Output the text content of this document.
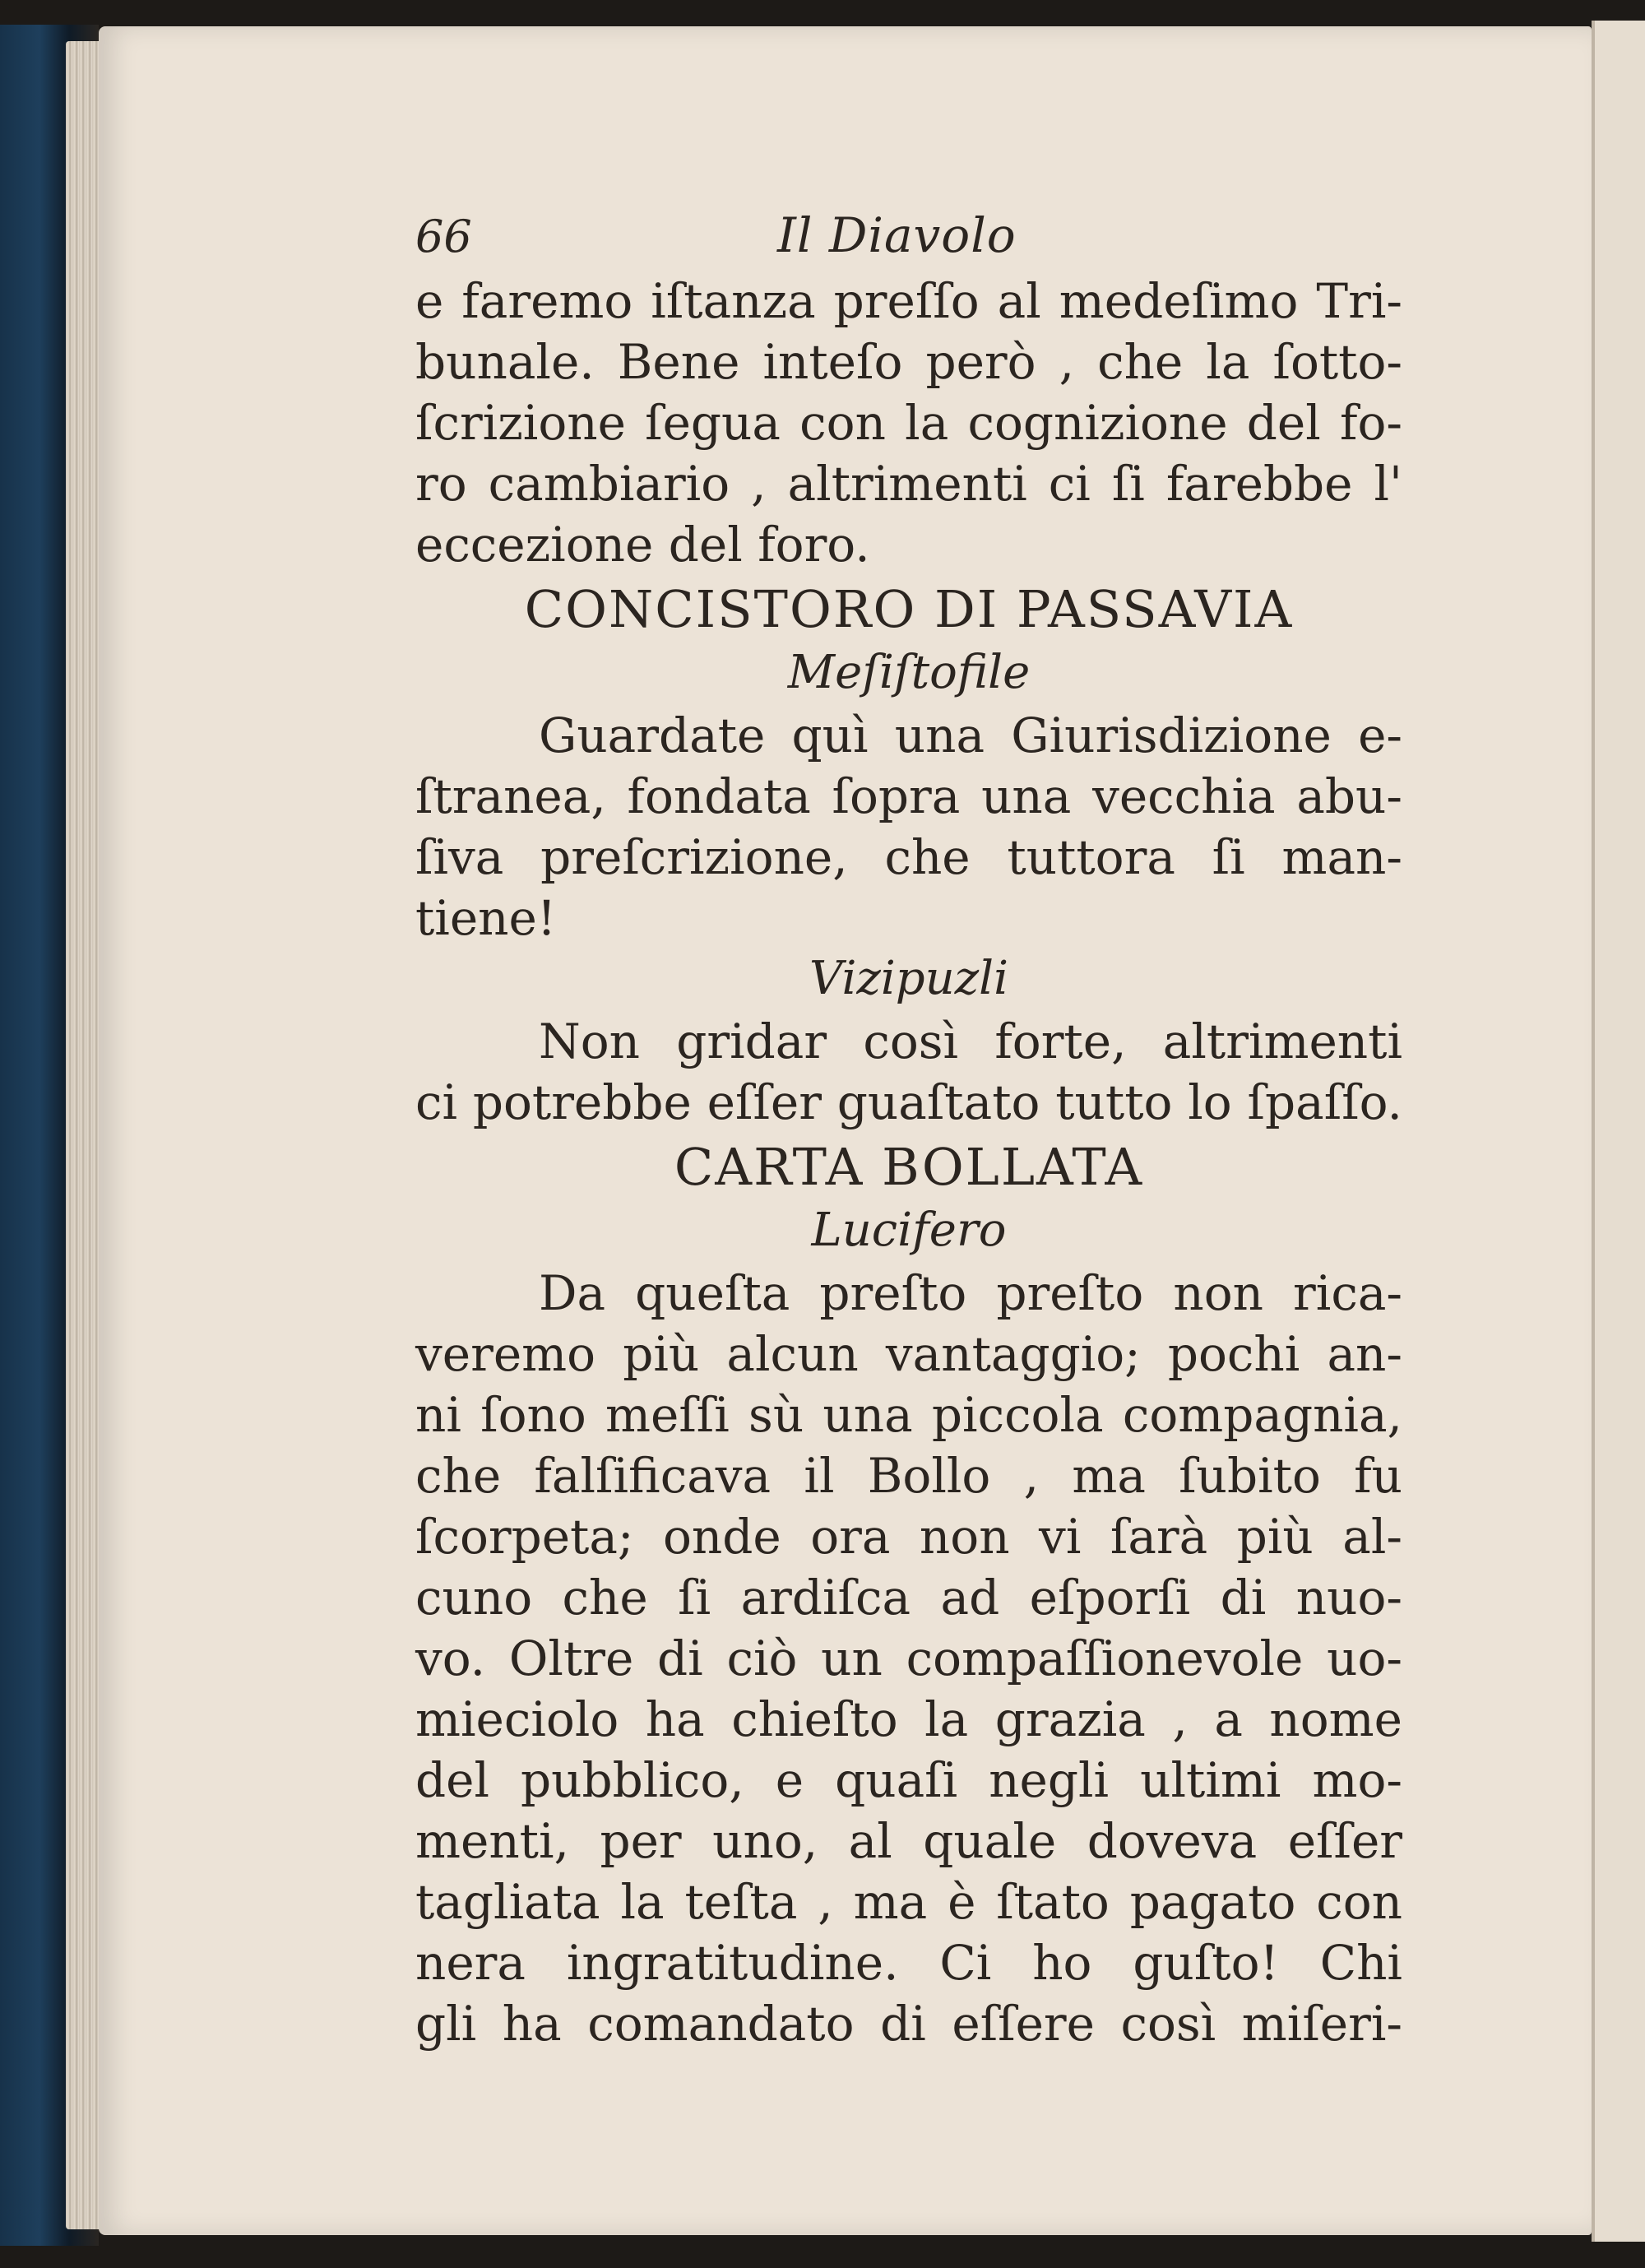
66	Il Diavolo
e faremo iſtanza preſſo al medeſimo Tri-
bunale. Bene inteſo però , che la ſotto-
ſcrizione ſegua con la cognizione del fo-
ro cambiario , altrimenti ci ſi farebbe l'
eccezione del foro.
CONCISTORO DI PASSAVIA
Meſiſtofile
Guardate quì una Giurisdizione e-
ſtranea, fondata ſopra una vecchia abu-
ſiva preſcrizione, che tuttora ſi man-
tiene!
Vizipuzli
Non gridar così forte, altrimenti
ci potrebbe eſſer guaſtato tutto lo ſpaſſo.
CARTA BOLLATA
Lucifero
Da queſta preſto preſto non rica-
veremo più alcun vantaggio; pochi an-
ni ſono meſſi sù una piccola compagnia,
che falſificava il Bollo , ma ſubito fu
ſcorpeta; onde ora non vi ſarà più al-
cuno che ſi ardiſca ad eſporſi di nuo-
vo. Oltre di ciò un compaſſionevole uo-
mieciolo ha chieſto la grazia , a nome
del pubblico, e quaſi negli ultimi mo-
menti, per uno, al quale doveva eſſer
tagliata la teſta , ma è ſtato pagato con
nera ingratitudine. Ci ho guſto! Chi
gli ha comandato di eſſere così miſeri-
